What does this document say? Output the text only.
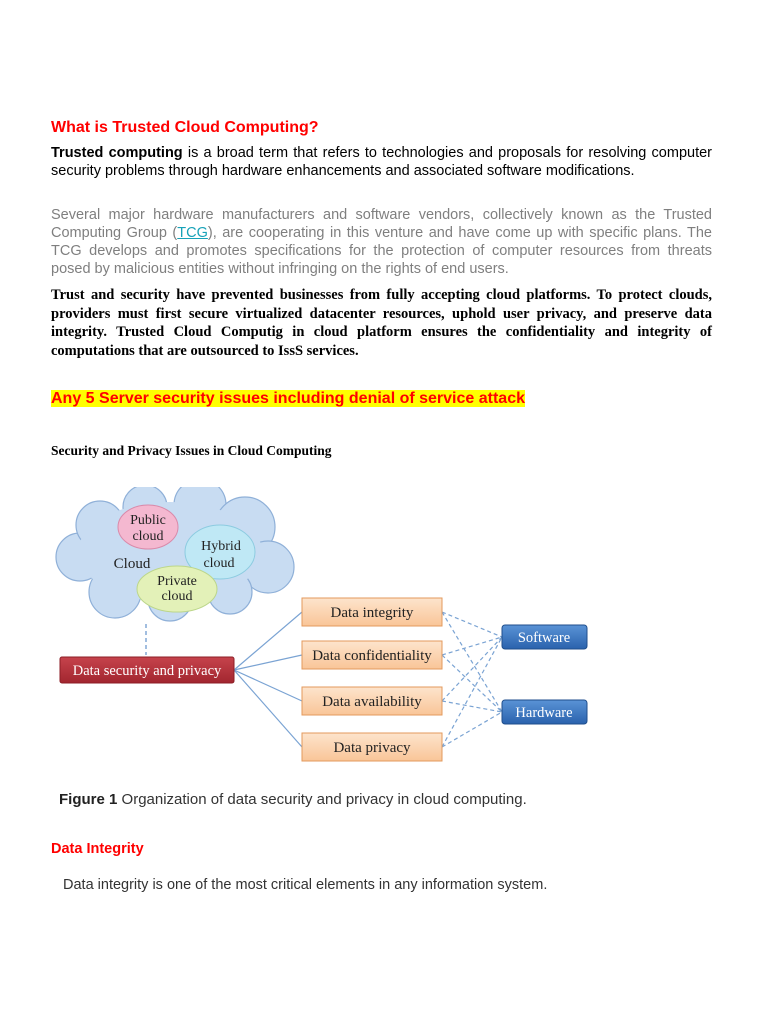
What is Trusted Cloud Computing?
Trusted computing is a broad term that refers to technologies and proposals for resolving computer security problems through hardware enhancements and associated software modifications.
Several major hardware manufacturers and software vendors, collectively known as the Trusted Computing Group (TCG), are cooperating in this venture and have come up with specific plans. The TCG develops and promotes specifications for the protection of computer resources from threats posed by malicious entities without infringing on the rights of end users.
Trust and security have prevented businesses from fully accepting cloud platforms. To protect clouds, providers must first secure virtualized datacenter resources, uphold user privacy, and preserve data integrity. Trusted Cloud Computig in cloud platform ensures the confidentiality and integrity of computations that are outsourced to IssS services.
Any 5 Server security issues including denial of service attack
Security and Privacy Issues in Cloud Computing
Public
cloud
Hybrid
cloud
Private
cloud
Cloud
Data security and privacy
Data integrity
Data confidentiality
Data availability
Data privacy
Software
Hardware
Figure 1 Organization of data security and privacy in cloud computing.
Data Integrity
Data integrity is one of the most critical elements in any information system.
